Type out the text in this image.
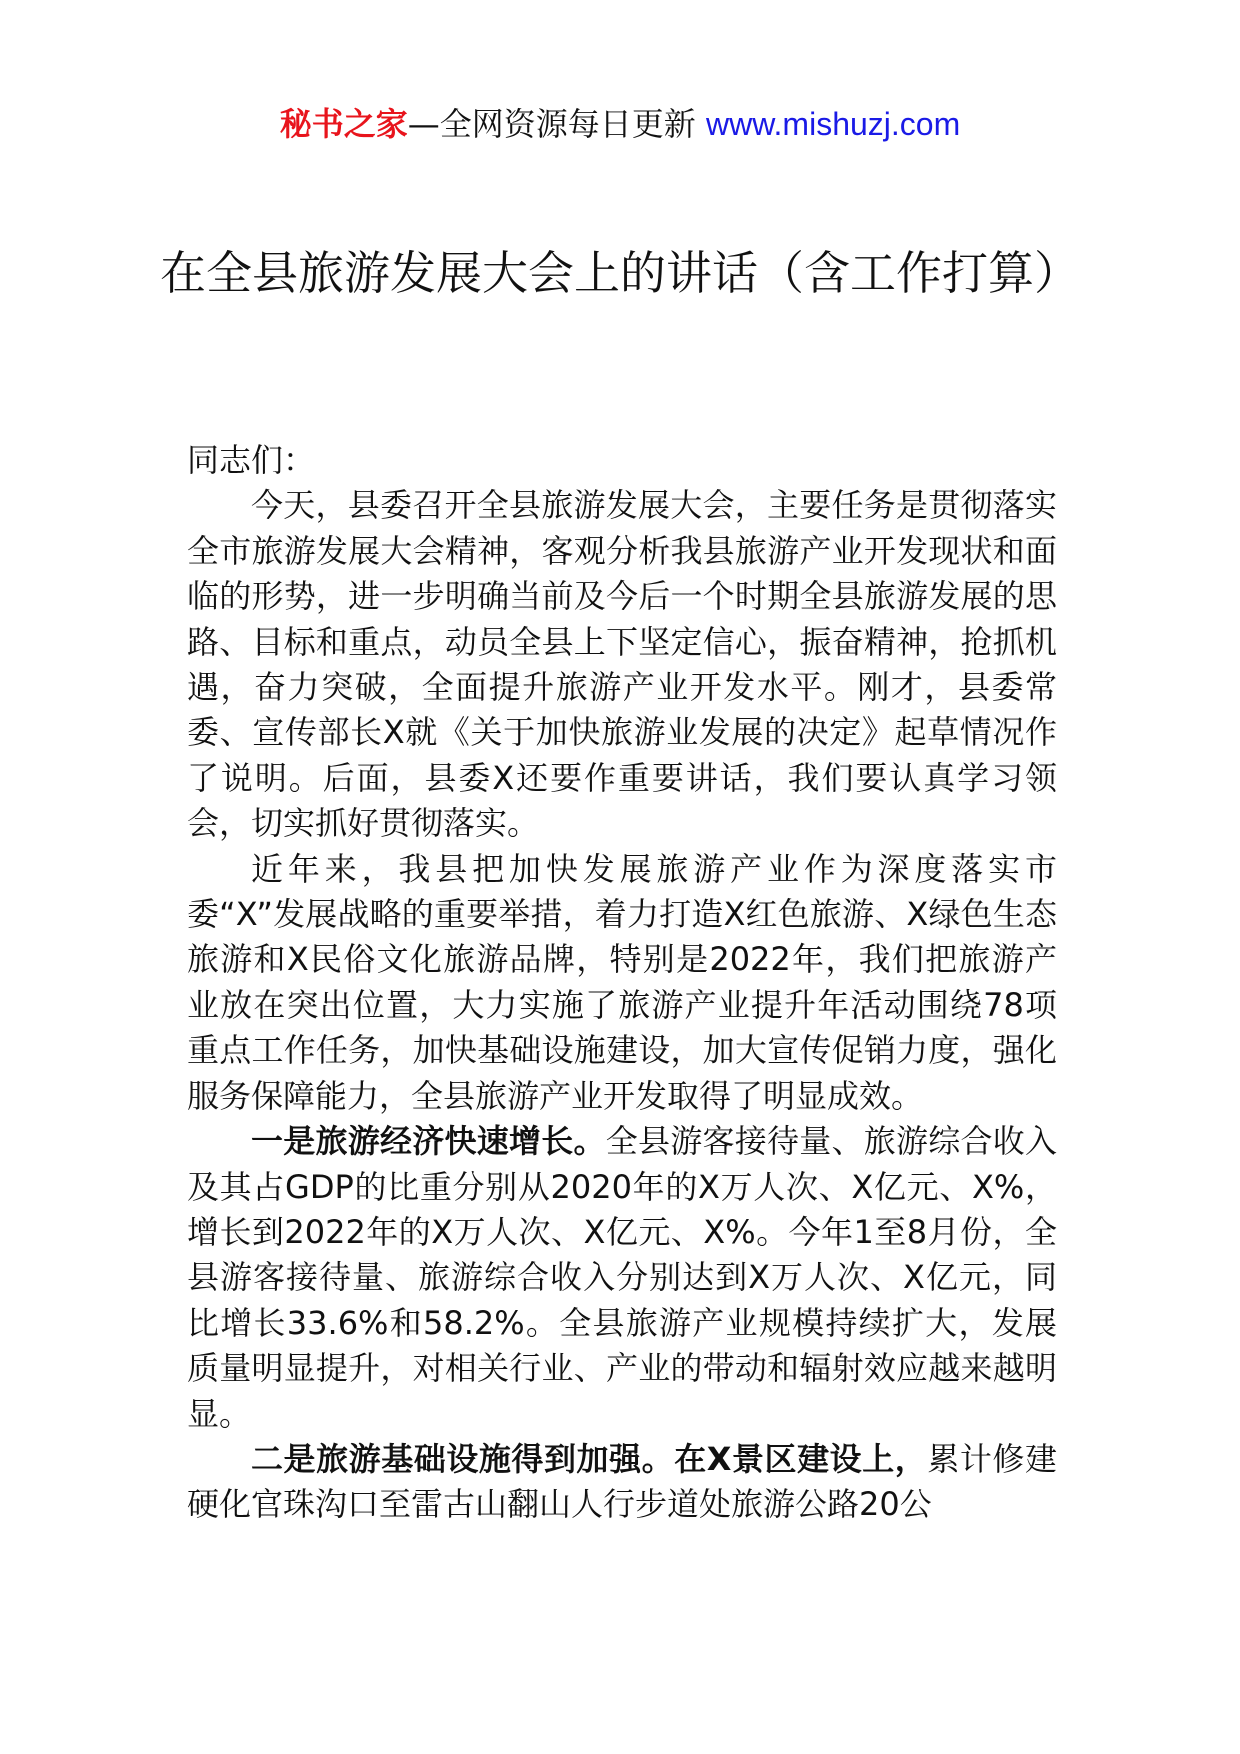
秘书之家—全网资源每日更新 www.mishuzj.com
在全县旅游发展大会上的讲话（含工作打算）

同志们：

今天，县委召开全县旅游发展大会，主要任务是贯彻落实全市旅游发展大会精神，客观分析我县旅游产业开发现状和面临的形势，进一步明确当前及今后一个时期全县旅游发展的思路、目标和重点，动员全县上下坚定信心，振奋精神，抢抓机遇，奋力突破，全面提升旅游产业开发水平。刚才，县委常委、宣传部长X就《关于加快旅游业发展的决定》起草情况作了说明。后面，县委X还要作重要讲话，我们要认真学习领会，切实抓好贯彻落实。

近年来，我县把加快发展旅游产业作为深度落实市委“X”发展战略的重要举措，着力打造X红色旅游、X绿色生态旅游和X民俗文化旅游品牌，特别是2022年，我们把旅游产业放在突出位置，大力实施了旅游产业提升年活动围绕78项重点工作任务，加快基础设施建设，加大宣传促销力度，强化服务保障能力，全县旅游产业开发取得了明显成效。

一是旅游经济快速增长。全县游客接待量、旅游综合收入及其占GDP的比重分别从2020年的X万人次、X亿元、X%，增长到2022年的X万人次、X亿元、X%。今年1至8月份，全县游客接待量、旅游综合收入分别达到X万人次、X亿元，同比增长33.6%和58.2%。全县旅游产业规模持续扩大，发展质量明显提升，对相关行业、产业的带动和辐射效应越来越明显。

二是旅游基础设施得到加强。在X景区建设上，累计修建硬化官珠沟口至雷古山翻山人行步道处旅游公路20公
